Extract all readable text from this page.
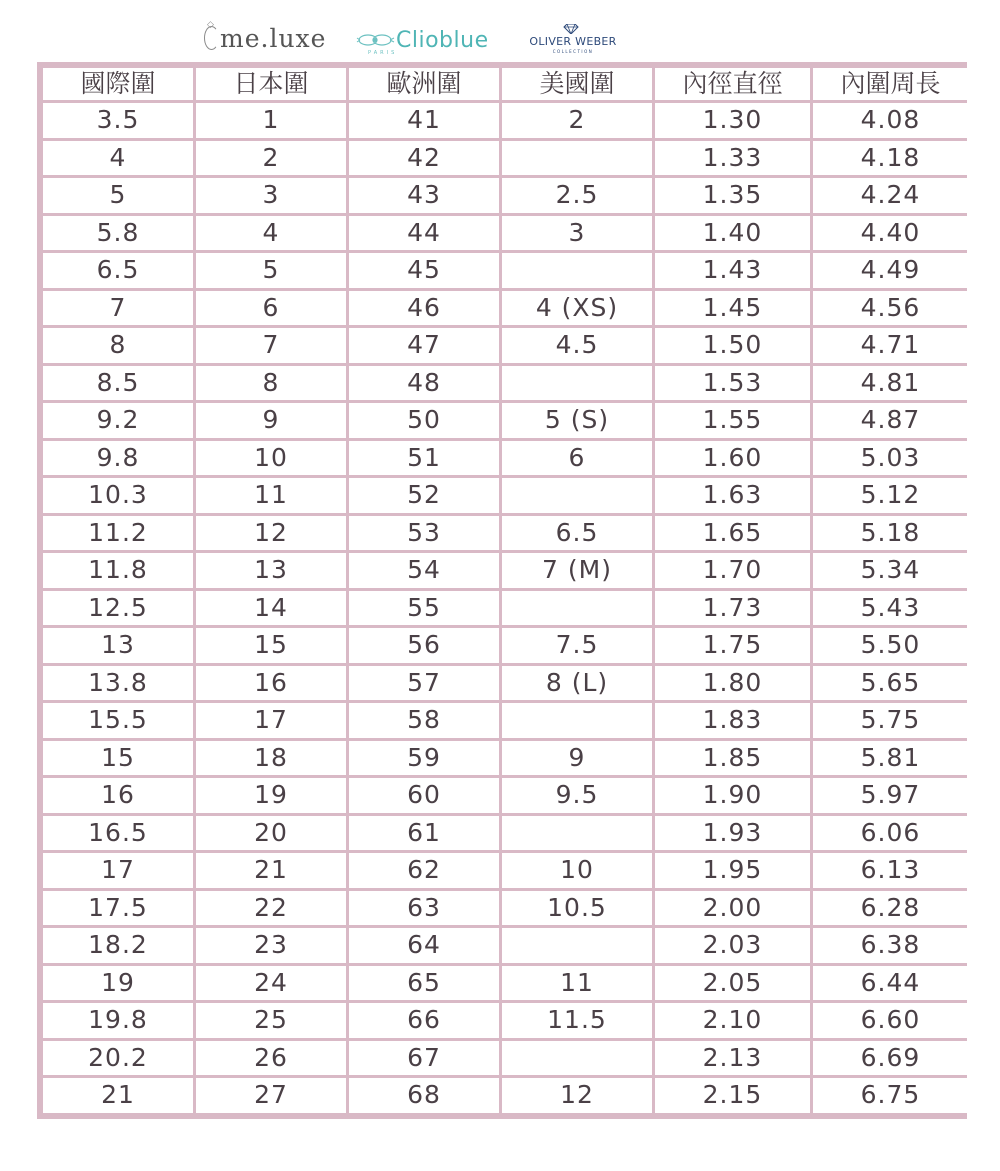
◇ me.luxe	PARIS
Clioblue	OLIVER WEBER
COLLECTION
國際圍	日本圍	歐洲圍	美國圍	內徑直徑	內圍周長
3.5	1	41	2	1.30	4.08
4	2	42		1.33	4.18
5	3	43	2.5	1.35	4.24
5.8	4	44	3	1.40	4.40
6.5	5	45		1.43	4.49
7	6	46	4 (XS)	1.45	4.56
8	7	47	4.5	1.50	4.71
8.5	8	48		1.53	4.81
9.2	9	50	5 (S)	1.55	4.87
9.8	10	51	6	1.60	5.03
10.3	11	52		1.63	5.12
11.2	12	53	6.5	1.65	5.18
11.8	13	54	7 (M)	1.70	5.34
12.5	14	55		1.73	5.43
13	15	56	7.5	1.75	5.50
13.8	16	57	8 (L)	1.80	5.65
15.5	17	58		1.83	5.75
15	18	59	9	1.85	5.81
16	19	60	9.5	1.90	5.97
16.5	20	61		1.93	6.06
17	21	62	10	1.95	6.13
17.5	22	63	10.5	2.00	6.28
18.2	23	64		2.03	6.38
19	24	65	11	2.05	6.44
19.8	25	66	11.5	2.10	6.60
20.2	26	67		2.13	6.69
21	27	68	12	2.15	6.75
